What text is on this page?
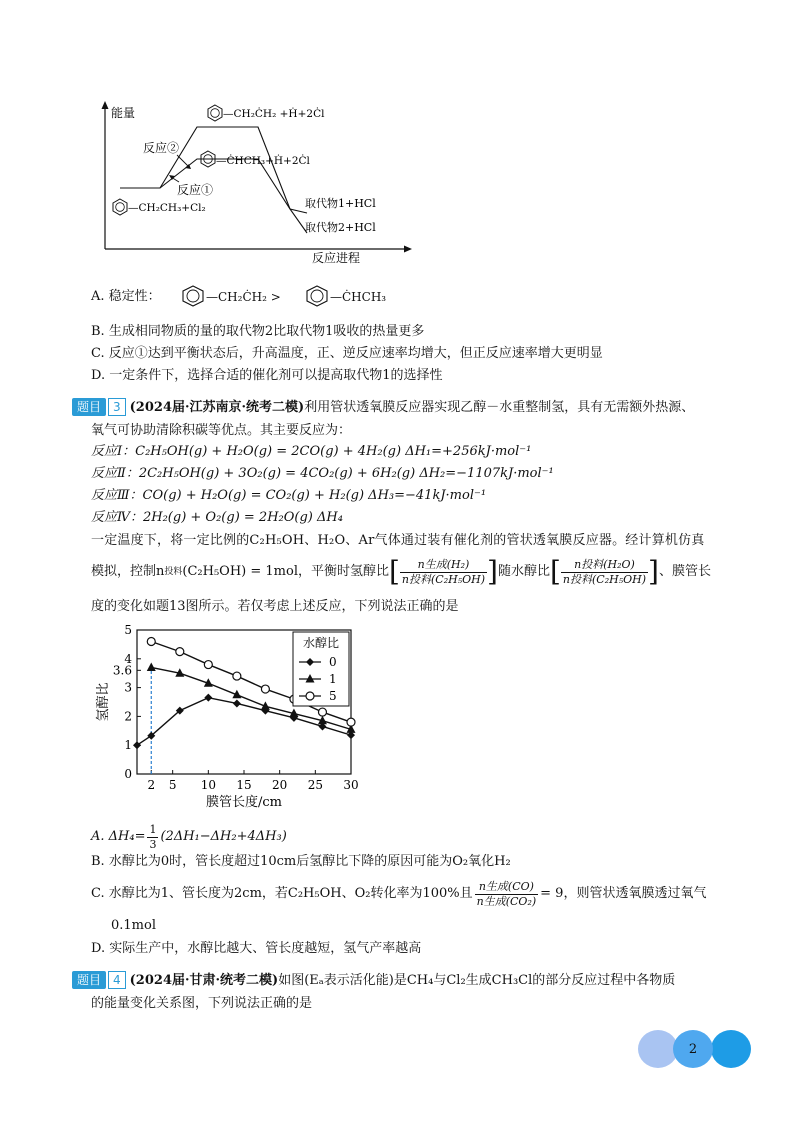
能量
反应进程
反应②
反应①
—CH₂CH₃+Cl₂
—CH₂ĊH₂ +Ḣ+2Ċl
—ĊHCH₃+Ḣ+2Ċl
取代物1+HCl
取代物2+HCl
A. 稳定性：	—CH₂ĊH₂ >	—ĊHCH₃
B. 生成相同物质的量的取代物2比取代物1吸收的热量更多
C. 反应①达到平衡状态后，升高温度，正、逆反应速率均增大，但正反应速率增大更明显
D. 一定条件下，选择合适的催化剂可以提高取代物1的选择性
题目 3 (2024届·江苏南京·统考二模)利用管状透氧膜反应器实现乙醇－水重整制氢，具有无需额外热源、
氧气可协助清除积碳等优点。其主要反应为：
反应Ⅰ：C₂H₅OH(g) + H₂O(g) = 2CO(g) + 4H₂(g) ΔH₁=+256kJ·mol⁻¹
反应Ⅱ：2C₂H₅OH(g) + 3O₂(g) = 4CO₂(g) + 6H₂(g) ΔH₂=−1107kJ·mol⁻¹
反应Ⅲ：CO(g) + H₂O(g) = CO₂(g) + H₂(g) ΔH₃=−41kJ·mol⁻¹
反应Ⅳ：2H₂(g) + O₂(g) = 2H₂O(g) ΔH₄
一定温度下，将一定比例的C₂H₅OH、H₂O、Ar气体通过装有催化剂的管状透氧膜反应器。经计算机仿真
模拟，控制n 投料 (C₂H₅OH) = 1mol，平衡时氢醇比 [ $\frac{\text{n生成(H₂)}}{\text{n投料(C₂H₅OH)}}$ ] 随水醇比 [ $\frac{\text{n投料(H₂O)}}{\text{n投料(C₂H₅OH)}}$ ] 、膜管长
度的变化如题13图所示。若仅考虑上述反应，下列说法正确的是
0
1
2
3
3.6
4
5
2 5 10 15 20 25 30
膜管长度/cm
氢醇比
水醇比
0
1
5
A. $\Delta H_4= \frac{1}{3} (2\Delta H_1-\Delta H_2+4\Delta H_3)$
B. 水醇比为0时，管长度超过10cm后氢醇比下降的原因可能为O₂氧化H₂
C. 水醇比为1、管长度为2cm，若C₂H₅OH、O₂转化率为100%且 $\frac{\text{n生成(CO)}}{\text{n生成(CO₂)}} = 9$，则管状透氧膜透过氧气
0.1mol
D. 实际生产中，水醇比越大、管长度越短，氢气产率越高
题目 4 (2024届·甘肃·统考二模)如图(Eₐ表示活化能)是CH₄与Cl₂生成CH₃Cl的部分反应过程中各物质
的能量变化关系图，下列说法正确的是
2
